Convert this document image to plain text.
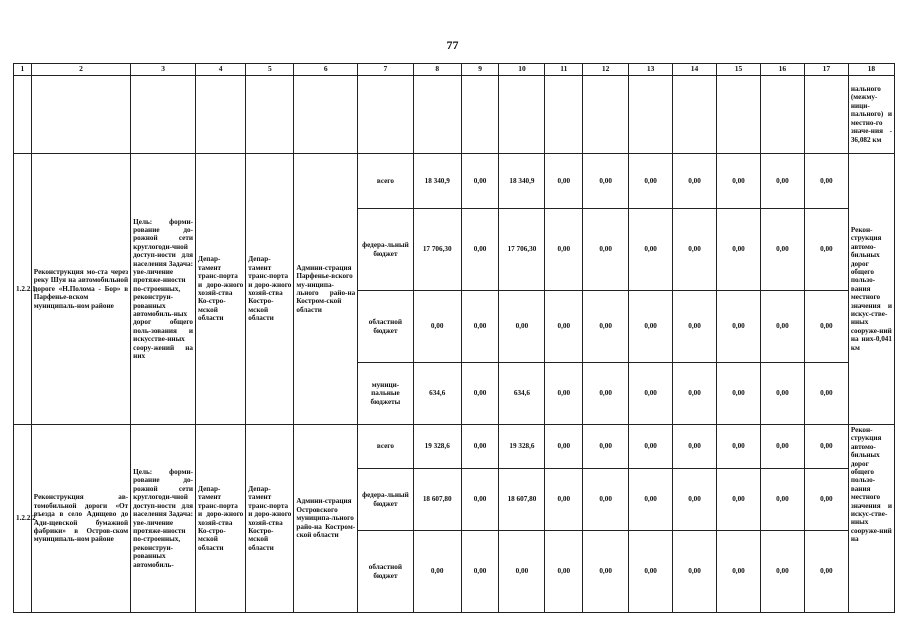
77
1	2	3	4	5	6	7	8	9	10	11	12	13	14	15	16	17	18
																	нального (межму-ници-пального) и местно-го значе-ния - 36,082 км
1.2.2.1	Реконструкция мо-ста через реку Шуя на автомобильной дороге «Н.Полома - Бор» в Парфенье-вском муниципаль-ном районе	Цель: форми-рование до-рожной сети круглогоди-чной доступ-ности для населения Задача: уве-личение протяже-нности по-строенных, реконструи-рованных автомобиль-ных дорог общего поль-зования и искусстве-нных соору-жений на них	Депар-тамент транс-порта и доро-жного хозяй-ства Ко-стро-мской области	Депар-тамент транс-порта и доро-жного хозяй-ства Костро-мской области	Админи-страция Парфенье-вского му-ниципа-льного райо-на Костром-ской области	всего	18 340,9	0,00	18 340,9	0,00	0,00	0,00	0,00	0,00	0,00	0,00	Рекон-струкция автомо-бильных дорог общего пользо-вания местного значения и искус-стве-нных сооруже-ний на них-0,041 км
						федера-льный бюджет	17 706,30	0,00	17 706,30	0,00	0,00	0,00	0,00	0,00	0,00	0,00	
						областной бюджет	0,00	0,00	0,00	0,00	0,00	0,00	0,00	0,00	0,00	0,00	
						муници-пальные бюджеты	634,6	0,00	634,6	0,00	0,00	0,00	0,00	0,00	0,00	0,00	
1.2.2.2	Реконструкция ав-томобильной дороги «От въезда в село Адищево до Ади-щевской бумажной фабрики» в Остров-ском муниципаль-ном районе	Цель: форми-рование до-рожной сети круглогоди-чной доступ-ности для населения Задача: уве-личение протяже-нности по-строенных, реконструи-рованных автомобиль-	Депар-тамент транс-порта и доро-жного хозяй-ства Ко-стро-мской области	Депар-тамент транс-порта и доро-жного хозяй-ства Костро-мской области	Админи-страция Островского муниципа-льного райо-на Костром-ской области	всего	19 328,6	0,00	19 328,6	0,00	0,00	0,00	0,00	0,00	0,00	0,00	Рекон-струкция автомо-бильных дорог общего пользо-вания местного значения и искус-стве-нных сооруже-ний на
						федера-льный бюджет	18 607,80	0,00	18 607,80	0,00	0,00	0,00	0,00	0,00	0,00	0,00	
						областной бюджет	0,00	0,00	0,00	0,00	0,00	0,00	0,00	0,00	0,00	0,00	
